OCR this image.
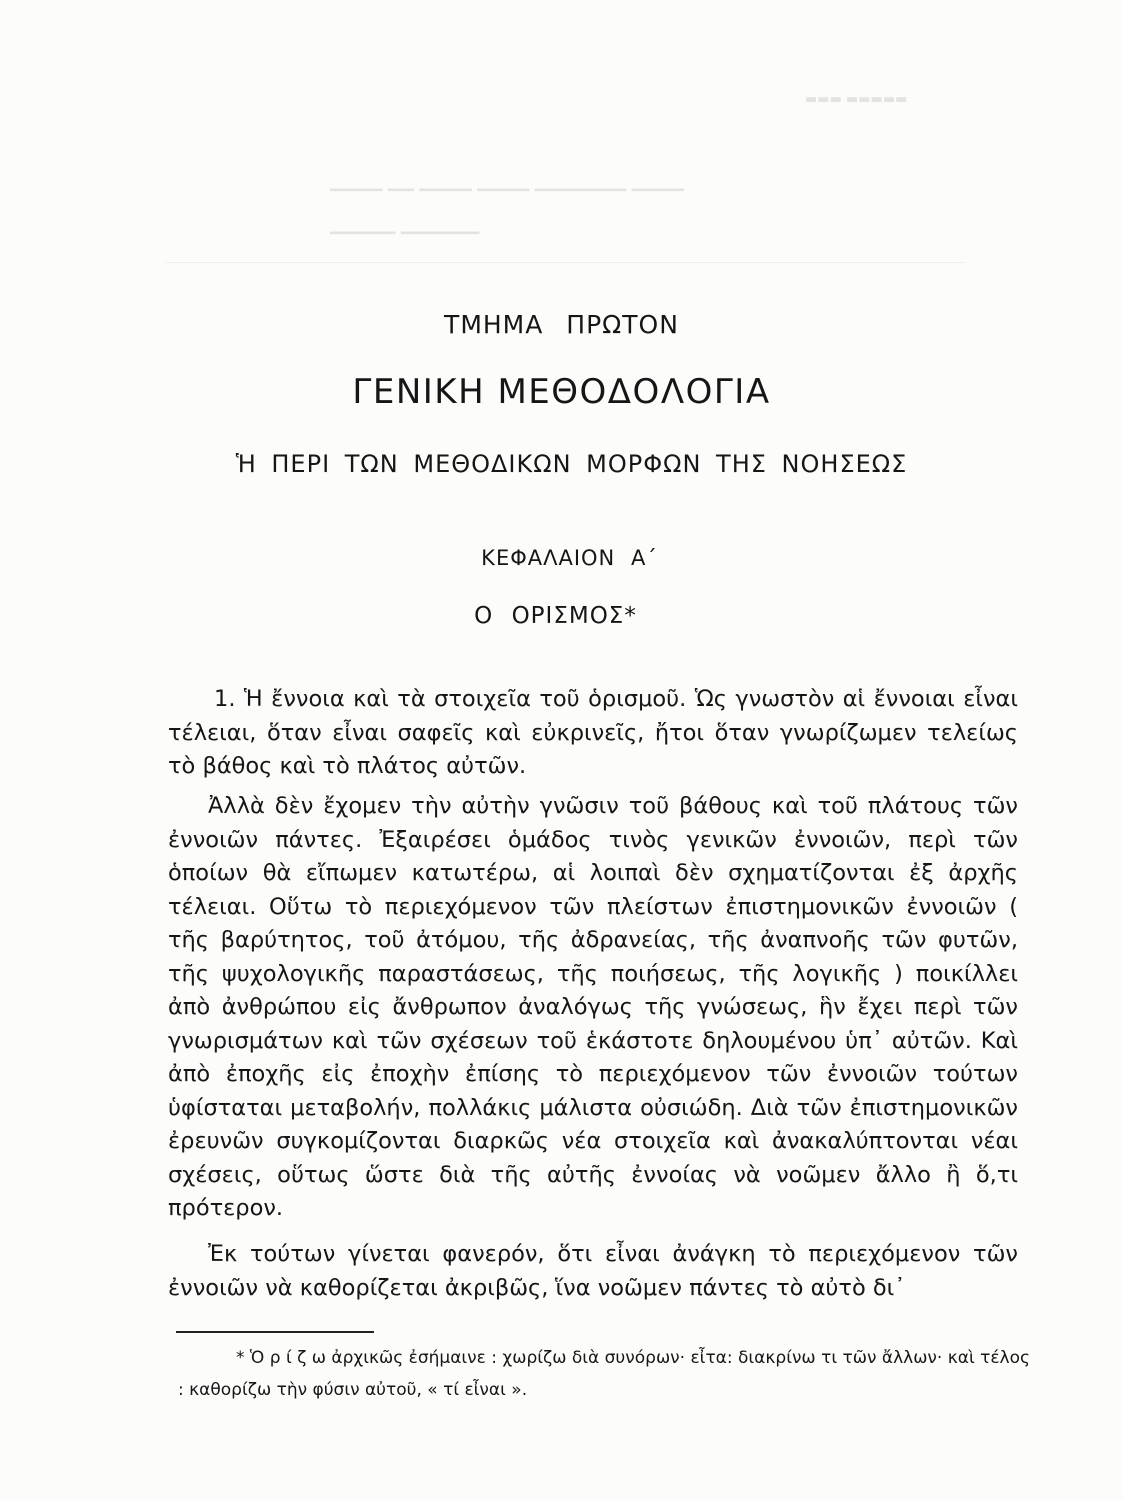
▬▬▬ ▬▬▬▬▬
▁▁▁▁ ▁▁ ▁▁▁▁ ▁▁▁▁ ▁▁▁▁▁▁▁ ▁▁▁▁
▁▁▁▁▁ ▁▁▁▁▁▁
ΤΜΗΜΑ ΠΡΩΤΟΝ
ΓΕΝΙΚΗ ΜΕΘΟΔΟΛΟΓΙΑ
Ἡ ΠΕΡΙ ΤΩΝ ΜΕΘΟΔΙΚΩΝ ΜΟΡΦΩΝ ΤΗΣ ΝΟΗΣΕΩΣ
ΚΕΦΑΛΑΙΟΝ Α΄
Ο ΟΡΙΣΜΟΣ*

1. Ἡ ἔννοια καὶ τὰ στοιχεῖα τοῦ ὁρισμοῦ. Ὡς γνωστὸν αἱ ἔννοιαι εἶναι τέλειαι, ὅταν εἶναι σαφεῖς καὶ εὐκρινεῖς, ἤτοι ὅταν γνωρίζωμεν τελείως τὸ βάθος καὶ τὸ πλάτος αὐτῶν.

Ἀλλὰ δὲν ἔχομεν τὴν αὐτὴν γνῶσιν τοῦ βάθους καὶ τοῦ πλάτους τῶν ἐννοιῶν πάντες. Ἐξαιρέσει ὁμάδος τινὸς γενικῶν ἐννοιῶν, περὶ τῶν ὁποίων θὰ εἴπωμεν κατωτέρω, αἱ λοιπαὶ δὲν σχηματίζονται ἐξ ἀρχῆς τέλειαι. Οὕτω τὸ περιεχόμενον τῶν πλείστων ἐπιστημονικῶν ἐννοιῶν ( τῆς βαρύτητος, τοῦ ἀτόμου, τῆς ἀδρανείας, τῆς ἀναπνοῆς τῶν φυτῶν, τῆς ψυχολογικῆς παραστάσεως, τῆς ποιήσεως, τῆς λογικῆς ) ποικίλλει ἀπὸ ἀνθρώπου εἰς ἄνθρωπον ἀναλόγως τῆς γνώσεως, ἣν ἔχει περὶ τῶν γνωρισμάτων καὶ τῶν σχέσεων τοῦ ἑκάστοτε δηλουμένου ὑπ᾽ αὐτῶν. Καὶ ἀπὸ ἐποχῆς εἰς ἐποχὴν ἐπίσης τὸ περιεχόμενον τῶν ἐννοιῶν τούτων ὑφίσταται μεταβολήν, πολλάκις μάλιστα οὐσιώδη. Διὰ τῶν ἐπιστημονικῶν ἐρευνῶν συγκομίζονται διαρκῶς νέα στοιχεῖα καὶ ἀνακαλύπτονται νέαι σχέσεις, οὕτως ὥστε διὰ τῆς αὐτῆς ἐννοίας νὰ νοῶμεν ἄλλο ἢ ὅ,τι πρότερον.

Ἐκ τούτων γίνεται φανερόν, ὅτι εἶναι ἀνάγκη τὸ περιεχόμενον τῶν ἐννοιῶν νὰ καθορίζεται ἀκριβῶς, ἵνα νοῶμεν πάντες τὸ αὐτὸ δι᾽

* Ὁ ρ ί ζ ω ἀρχικῶς ἐσήμαινε : χωρίζω διὰ συνόρων· εἶτα: διακρίνω τι τῶν ἄλλων· καὶ τέλος : καθορίζω τὴν φύσιν αὐτοῦ, « τί εἶναι ».
